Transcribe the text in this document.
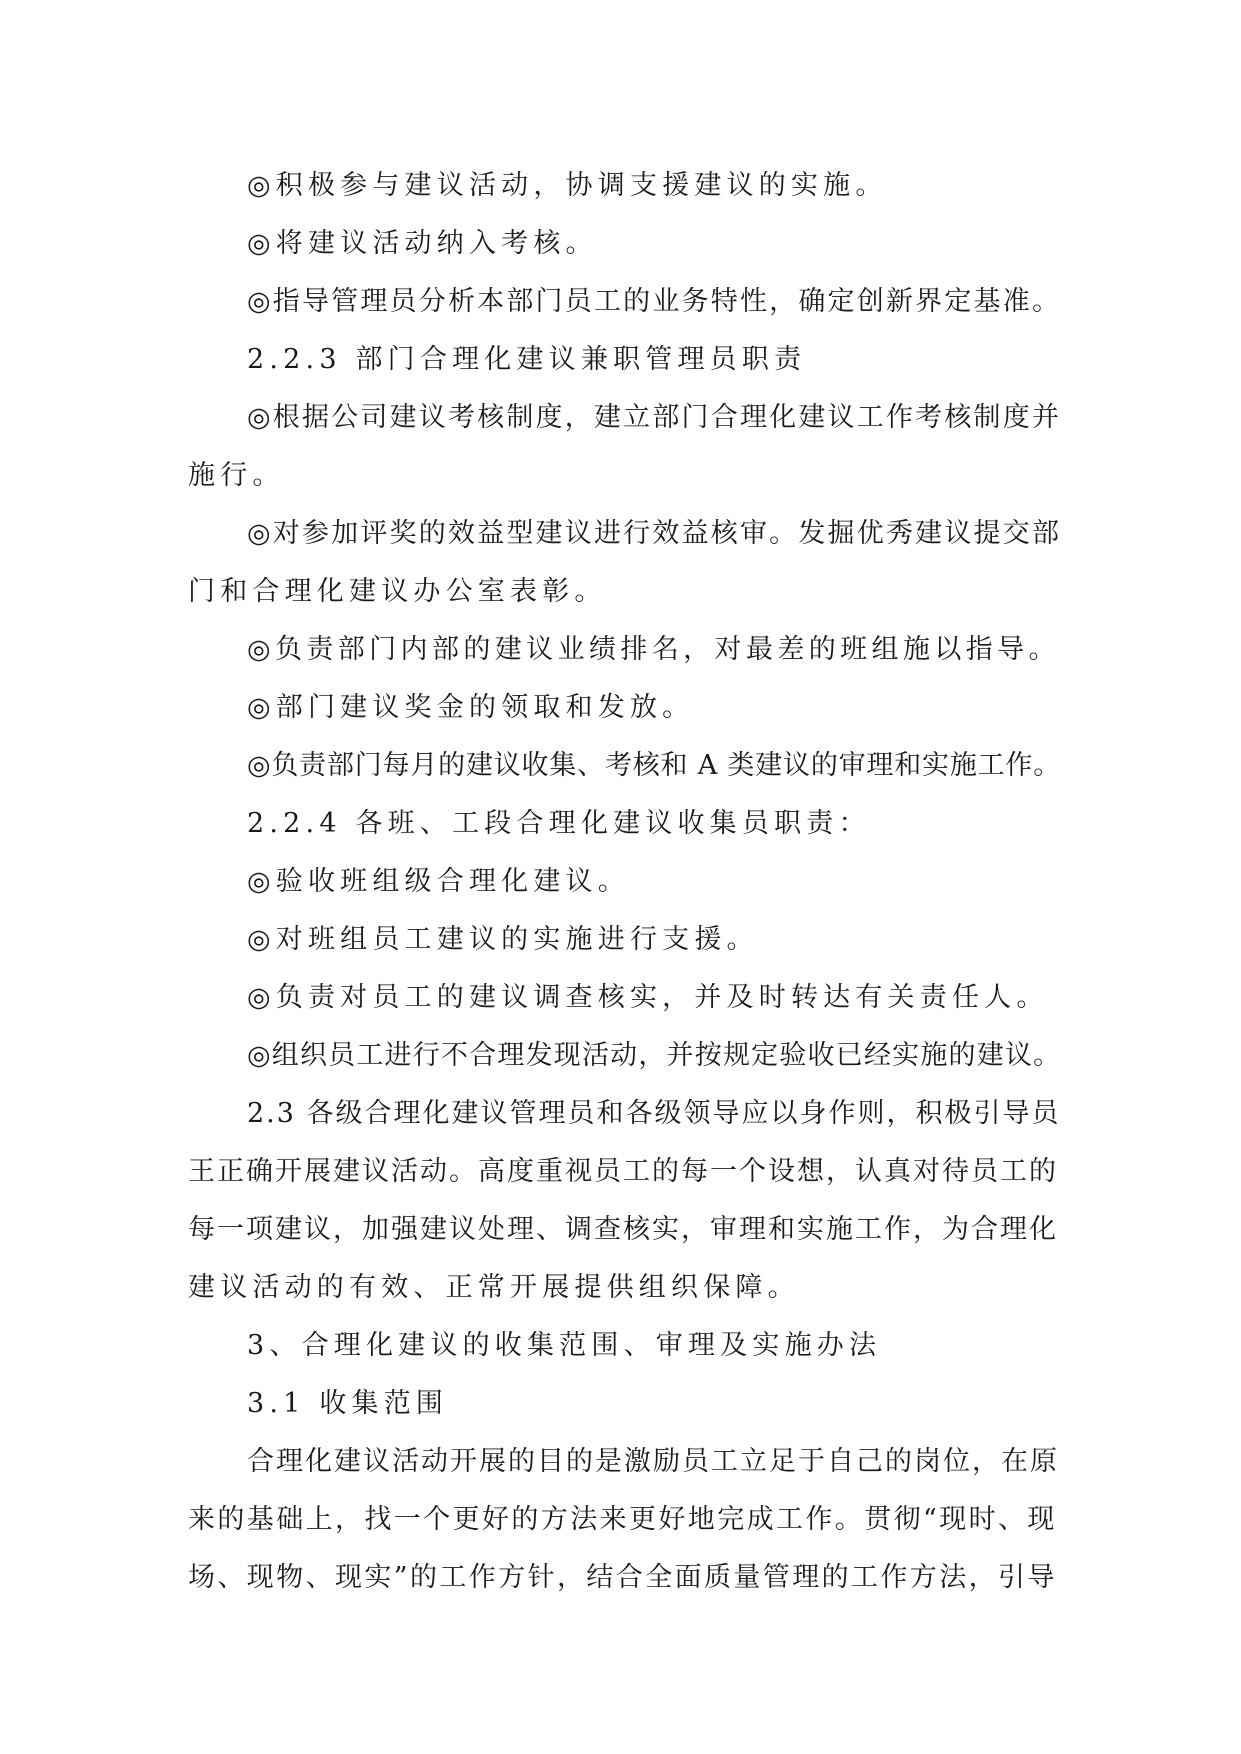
◎积极参与建议活动，协调支援建议的实施。
◎将建议活动纳入考核。
◎指导管理员分析本部门员工的业务特性，确定创新界定基准。
2.2.3 部门合理化建议兼职管理员职责
◎根据公司建议考核制度，建立部门合理化建议工作考核制度并
施行。
◎对参加评奖的效益型建议进行效益核审。发掘优秀建议提交部
门和合理化建议办公室表彰。
◎负责部门内部的建议业绩排名，对最差的班组施以指导。
◎部门建议奖金的领取和发放。
◎负责部门每月的建议收集、考核和 A 类建议的审理和实施工作。
2.2.4 各班、工段合理化建议收集员职责：
◎验收班组级合理化建议。
◎对班组员工建议的实施进行支援。
◎负责对员工的建议调查核实，并及时转达有关责任人。
◎组织员工进行不合理发现活动，并按规定验收已经实施的建议。
2.3 各级合理化建议管理员和各级领导应以身作则，积极引导员
王正确开展建议活动。高度重视员工的每一个设想，认真对待员工的
每一项建议，加强建议处理、调查核实，审理和实施工作，为合理化
建议活动的有效、正常开展提供组织保障。
3、合理化建议的收集范围、审理及实施办法
3.1 收集范围
合理化建议活动开展的目的是激励员工立足于自己的岗位，在原
来的基础上，找一个更好的方法来更好地完成工作。贯彻“现时、现
场、现物、现实”的工作方针，结合全面质量管理的工作方法，引导
